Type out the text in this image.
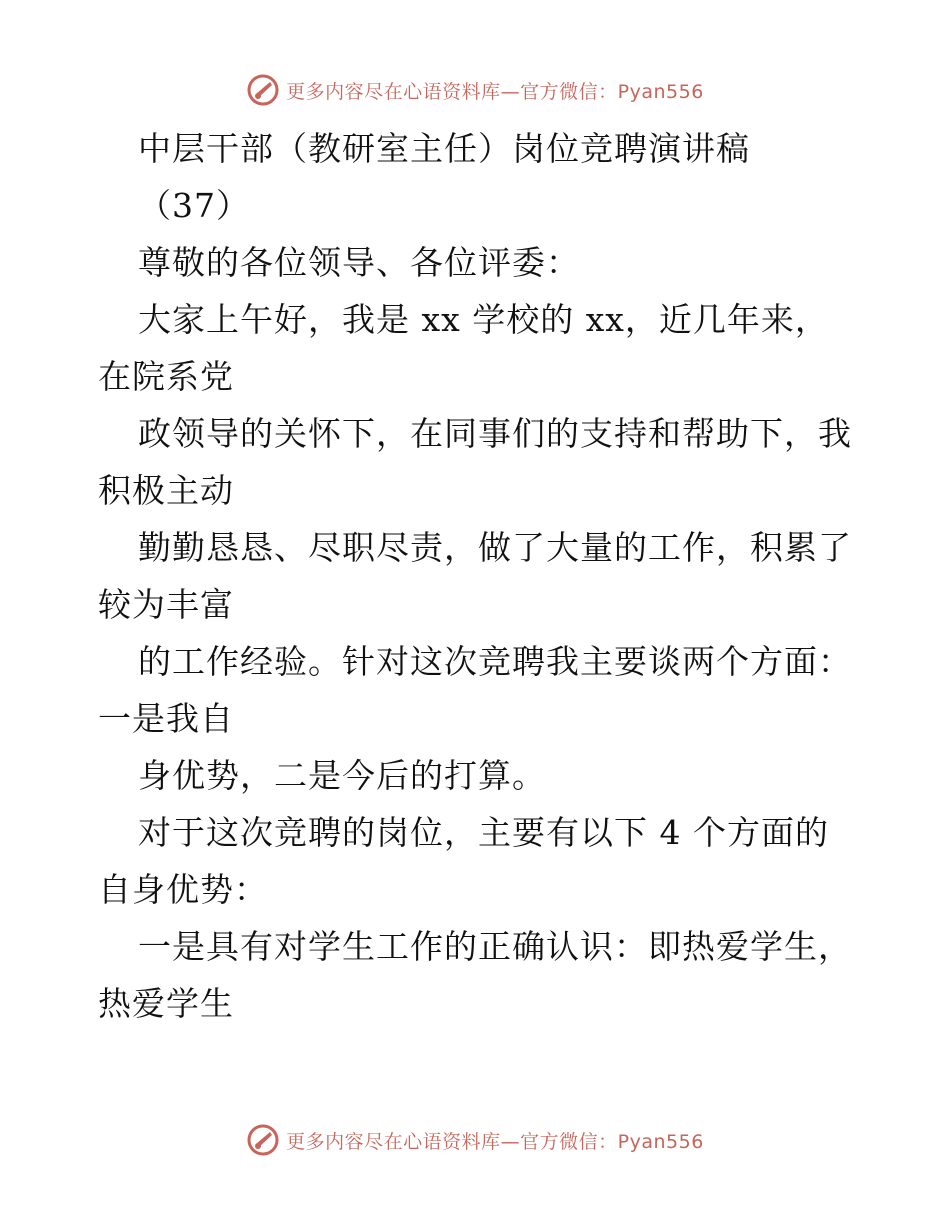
更多内容尽在心语资料库—官方微信：Pyan556
中层干部（教研室主任）岗位竞聘演讲稿
（37）
尊敬的各位领导、各位评委：
大家上午好，我是 xx 学校的 xx，近几年来，
在院系党
政领导的关怀下，在同事们的支持和帮助下，我
积极主动
勤勤恳恳、尽职尽责，做了大量的工作，积累了
较为丰富
的工作经验。针对这次竞聘我主要谈两个方面：
一是我自
身优势，二是今后的打算。
对于这次竞聘的岗位，主要有以下 4 个方面的
自身优势：
一是具有对学生工作的正确认识：即热爱学生，
热爱学生
更多内容尽在心语资料库—官方微信：Pyan556
